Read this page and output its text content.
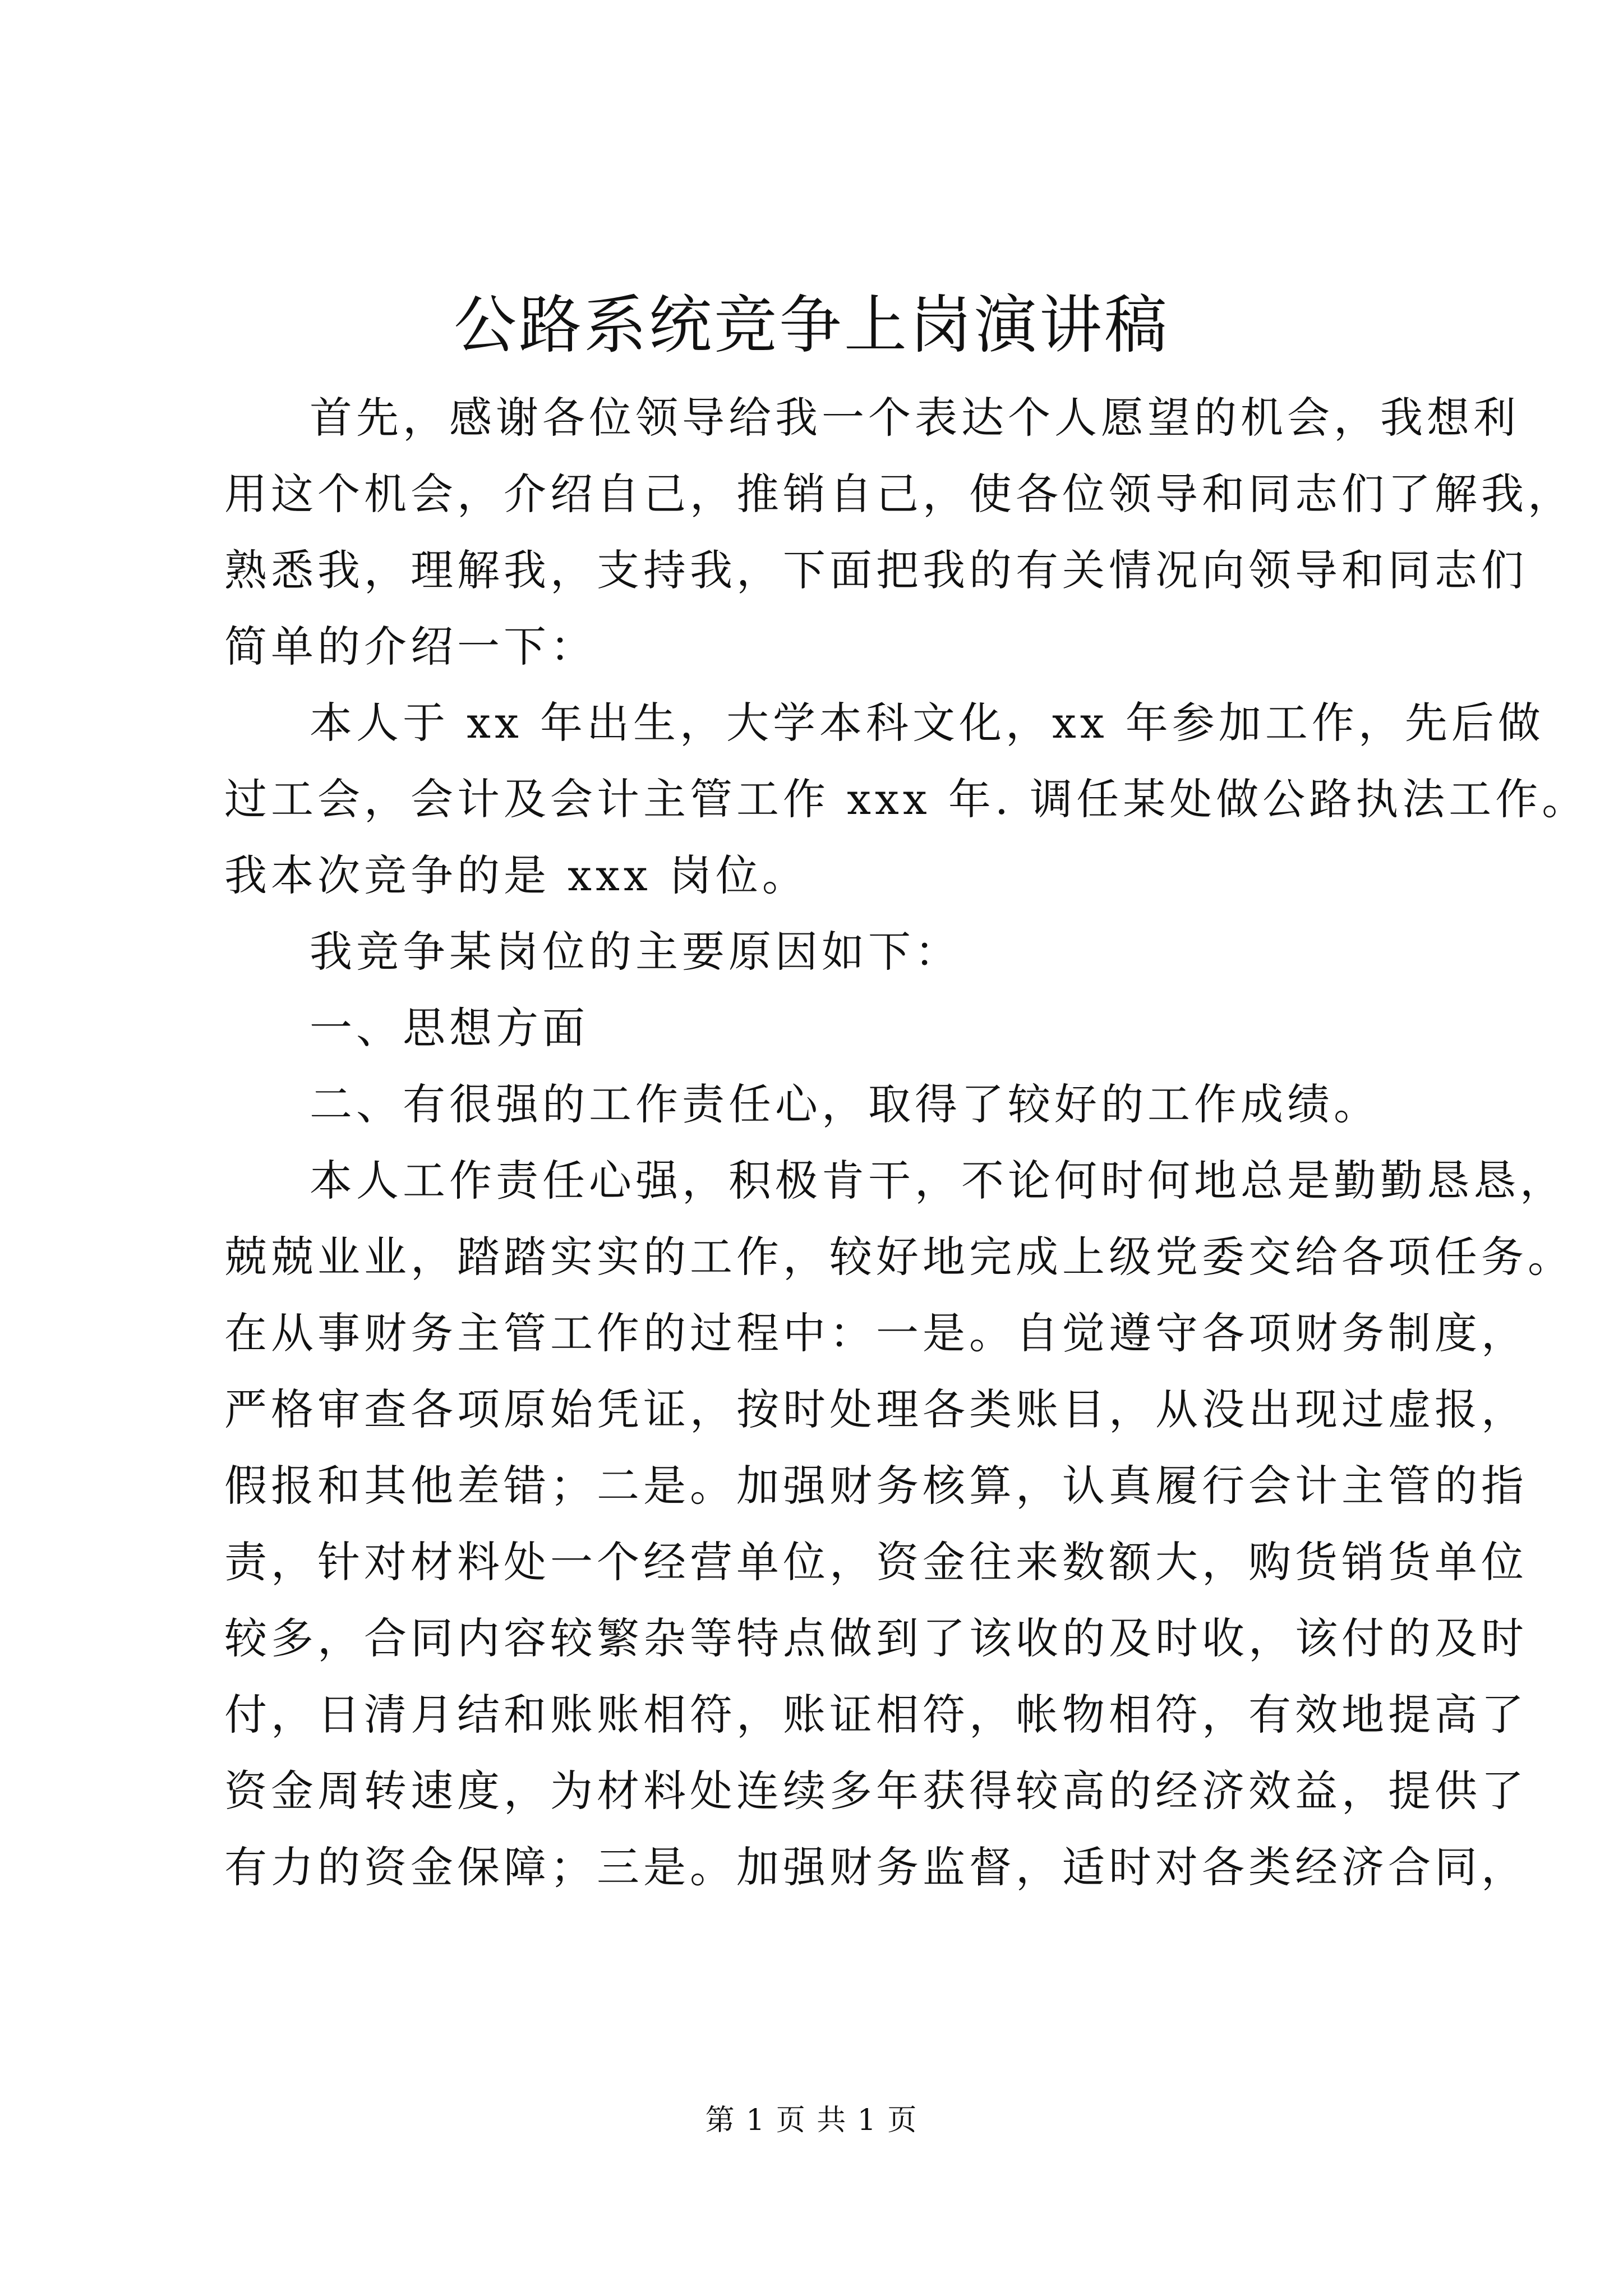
公路系统竞争上岗演讲稿
首先，感谢各位领导给我一个表达个人愿望的机会，我想利
用这个机会，介绍自己，推销自己，使各位领导和同志们了解我，
熟悉我，理解我，支持我，下面把我的有关情况向领导和同志们
简单的介绍一下：
本人于 xx 年出生，大学本科文化，xx 年参加工作，先后做
过工会，会计及会计主管工作 xxx 年. 调任某处做公路执法工作。
我本次竞争的是 xxx 岗位。
我竞争某岗位的主要原因如下：
一、思想方面
二、有很强的工作责任心，取得了较好的工作成绩。
本人工作责任心强，积极肯干，不论何时何地总是勤勤恳恳，
兢兢业业，踏踏实实的工作，较好地完成上级党委交给各项任务。
在从事财务主管工作的过程中：一是。自觉遵守各项财务制度，
严格审查各项原始凭证，按时处理各类账目，从没出现过虚报，
假报和其他差错；二是。加强财务核算，认真履行会计主管的指
责，针对材料处一个经营单位，资金往来数额大，购货销货单位
较多，合同内容较繁杂等特点做到了该收的及时收，该付的及时
付，日清月结和账账相符，账证相符，帐物相符，有效地提高了
资金周转速度，为材料处连续多年获得较高的经济效益，提供了
有力的资金保障；三是。加强财务监督，适时对各类经济合同，
第 1 页 共 1 页
